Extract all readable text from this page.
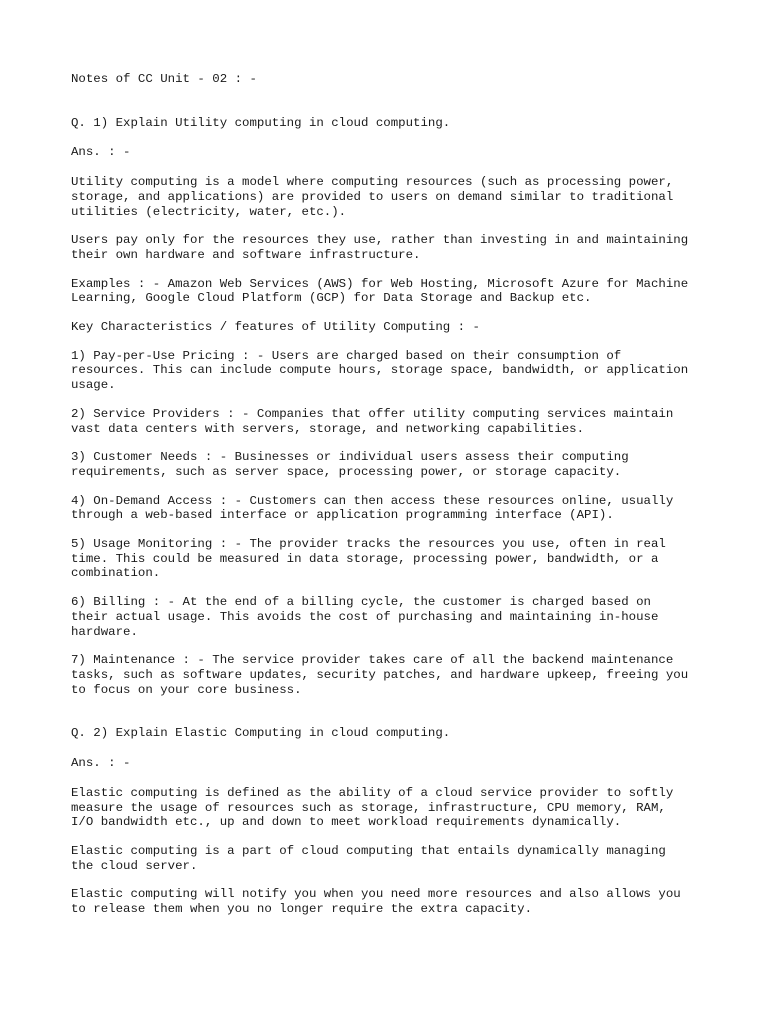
Notes of CC Unit - 02 : -

Q. 1) Explain Utility computing in cloud computing.

Ans. : -

Utility computing is a model where computing resources (such as processing power,
storage, and applications) are provided to users on demand similar to traditional
utilities (electricity, water, etc.).

Users pay only for the resources they use, rather than investing in and maintaining
their own hardware and software infrastructure.

Examples : - Amazon Web Services (AWS) for Web Hosting, Microsoft Azure for Machine
Learning, Google Cloud Platform (GCP) for Data Storage and Backup etc.

Key Characteristics / features of Utility Computing : -

1) Pay-per-Use Pricing : - Users are charged based on their consumption of
resources. This can include compute hours, storage space, bandwidth, or application
usage.

2) Service Providers : - Companies that offer utility computing services maintain
vast data centers with servers, storage, and networking capabilities.

3) Customer Needs : - Businesses or individual users assess their computing
requirements, such as server space, processing power, or storage capacity.

4) On-Demand Access : - Customers can then access these resources online, usually
through a web-based interface or application programming interface (API).

5) Usage Monitoring : - The provider tracks the resources you use, often in real
time. This could be measured in data storage, processing power, bandwidth, or a
combination.

6) Billing : - At the end of a billing cycle, the customer is charged based on
their actual usage. This avoids the cost of purchasing and maintaining in-house
hardware.

7) Maintenance : - The service provider takes care of all the backend maintenance
tasks, such as software updates, security patches, and hardware upkeep, freeing you
to focus on your core business.

Q. 2) Explain Elastic Computing in cloud computing.

Ans. : -

Elastic computing is defined as the ability of a cloud service provider to softly
measure the usage of resources such as storage, infrastructure, CPU memory, RAM,
I/O bandwidth etc., up and down to meet workload requirements dynamically.

Elastic computing is a part of cloud computing that entails dynamically managing
the cloud server.

Elastic computing will notify you when you need more resources and also allows you
to release them when you no longer require the extra capacity.
